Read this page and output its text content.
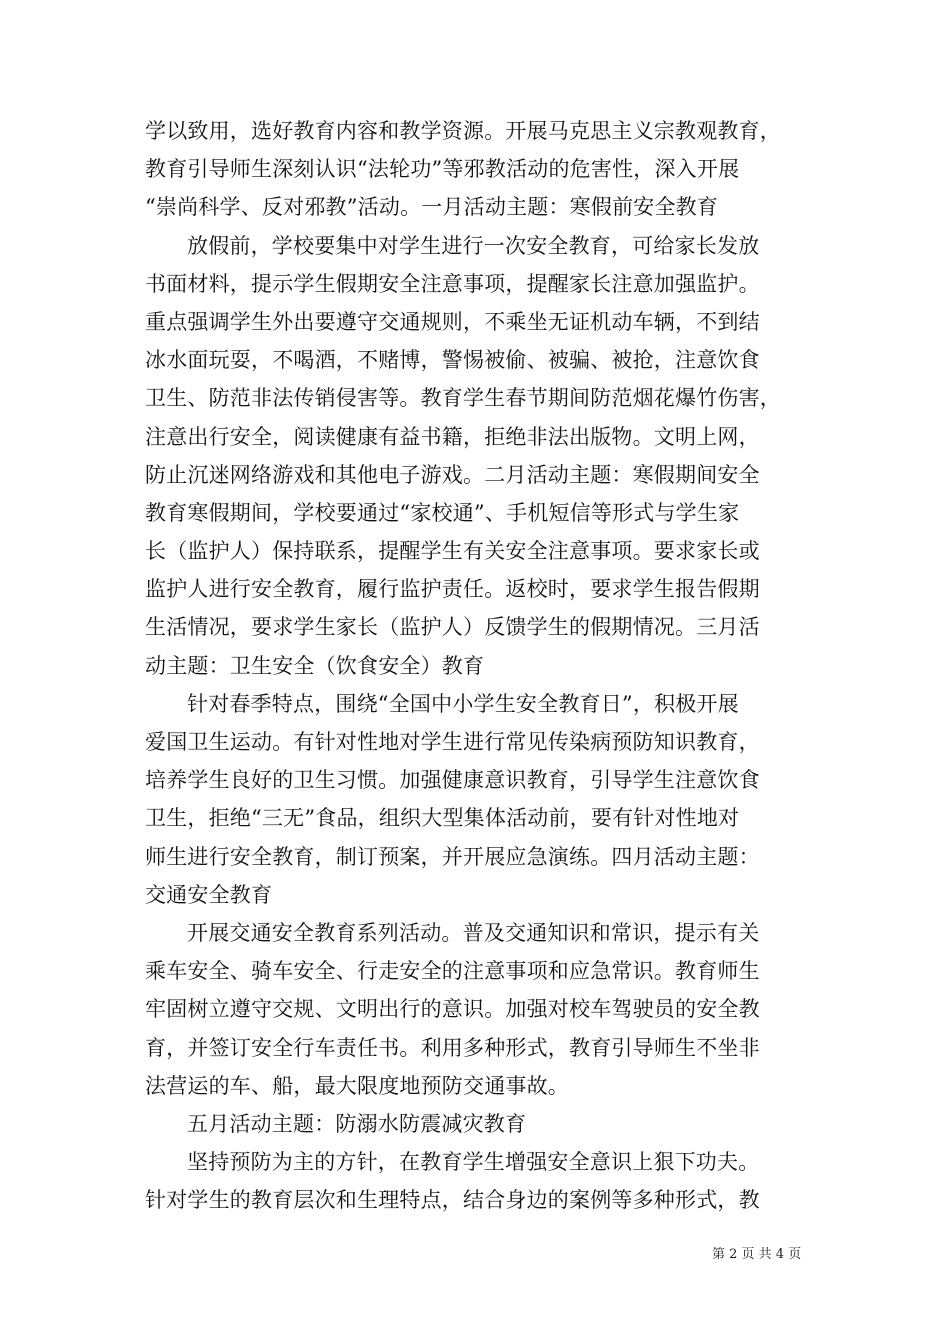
学以致用，选好教育内容和教学资源。开展马克思主义宗教观教育，
教育引导师生深刻认识“法轮功”等邪教活动的危害性，深入开展
“崇尚科学、反对邪教”活动。一月活动主题：寒假前安全教育
放假前，学校要集中对学生进行一次安全教育，可给家长发放
书面材料，提示学生假期安全注意事项，提醒家长注意加强监护。
重点强调学生外出要遵守交通规则，不乘坐无证机动车辆，不到结
冰水面玩耍，不喝酒，不赌博，警惕被偷、被骗、被抢，注意饮食
卫生、防范非法传销侵害等。教育学生春节期间防范烟花爆竹伤害，
注意出行安全，阅读健康有益书籍，拒绝非法出版物。文明上网，
防止沉迷网络游戏和其他电子游戏。二月活动主题：寒假期间安全
教育寒假期间，学校要通过“家校通”、手机短信等形式与学生家
长（监护人）保持联系，提醒学生有关安全注意事项。要求家长或
监护人进行安全教育，履行监护责任。返校时，要求学生报告假期
生活情况，要求学生家长（监护人）反馈学生的假期情况。三月活
动主题：卫生安全（饮食安全）教育
针对春季特点，围绕“全国中小学生安全教育日”，积极开展
爱国卫生运动。有针对性地对学生进行常见传染病预防知识教育，
培养学生良好的卫生习惯。加强健康意识教育，引导学生注意饮食
卫生，拒绝“三无”食品，组织大型集体活动前，要有针对性地对
师生进行安全教育，制订预案，并开展应急演练。四月活动主题：
交通安全教育
开展交通安全教育系列活动。普及交通知识和常识，提示有关
乘车安全、骑车安全、行走安全的注意事项和应急常识。教育师生
牢固树立遵守交规、文明出行的意识。加强对校车驾驶员的安全教
育，并签订安全行车责任书。利用多种形式，教育引导师生不坐非
法营运的车、船，最大限度地预防交通事故。
五月活动主题：防溺水防震减灾教育
坚持预防为主的方针，在教育学生增强安全意识上狠下功夫。
针对学生的教育层次和生理特点，结合身边的案例等多种形式，教
第 2 页 共 4 页
